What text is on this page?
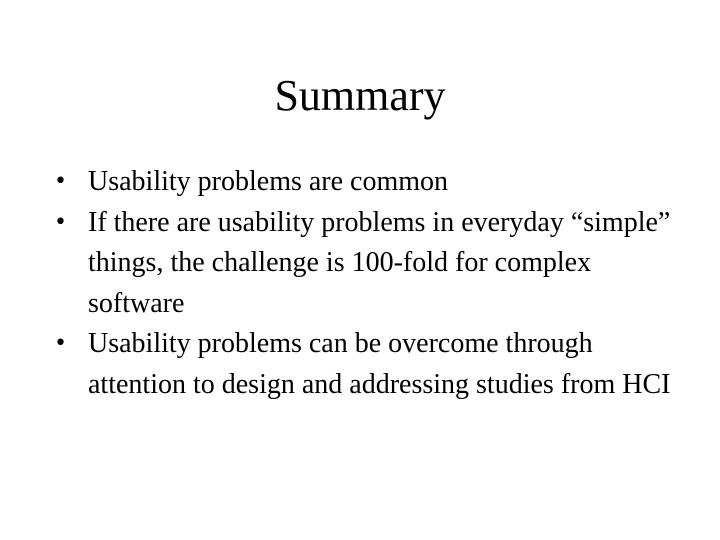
Summary
• Usability problems are common
• If there are usability problems in everyday “simple” things, the challenge is 100-fold for complex software
• Usability problems can be overcome through attention to design and addressing studies from HCI
